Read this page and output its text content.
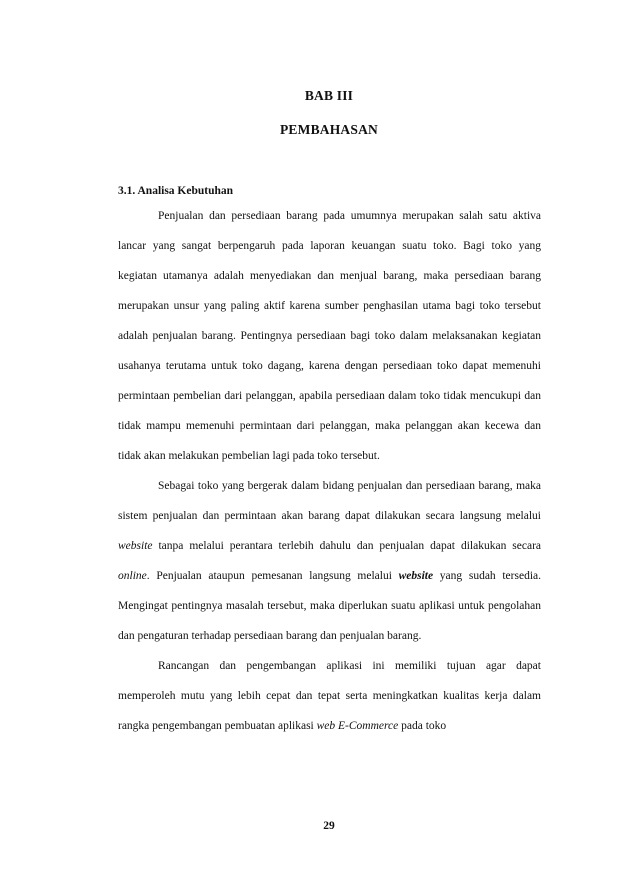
BAB III
PEMBAHASAN
3.1. Analisa Kebutuhan

Penjualan dan persediaan barang pada umumnya merupakan salah satu aktiva lancar yang sangat berpengaruh pada laporan keuangan suatu toko. Bagi toko yang kegiatan utamanya adalah menyediakan dan menjual barang, maka persediaan barang merupakan unsur yang paling aktif karena sumber penghasilan utama bagi toko tersebut adalah penjualan barang. Pentingnya persediaan bagi toko dalam melaksanakan kegiatan usahanya terutama untuk toko dagang, karena dengan persediaan toko dapat memenuhi permintaan pembelian dari pelanggan, apabila persediaan dalam toko tidak mencukupi dan tidak mampu memenuhi permintaan dari pelanggan, maka pelanggan akan kecewa dan tidak akan melakukan pembelian lagi pada toko tersebut.

Sebagai toko yang bergerak dalam bidang penjualan dan persediaan barang, maka sistem penjualan dan permintaan akan barang dapat dilakukan secara langsung melalui website tanpa melalui perantara terlebih dahulu dan penjualan dapat dilakukan secara online. Penjualan ataupun pemesanan langsung melalui website yang sudah tersedia. Mengingat pentingnya masalah tersebut, maka diperlukan suatu aplikasi untuk pengolahan dan pengaturan terhadap persediaan barang dan penjualan barang.

Rancangan dan pengembangan aplikasi ini memiliki tujuan agar dapat memperoleh mutu yang lebih cepat dan tepat serta meningkatkan kualitas kerja dalam rangka pengembangan pembuatan aplikasi web E-Commerce pada toko

29
